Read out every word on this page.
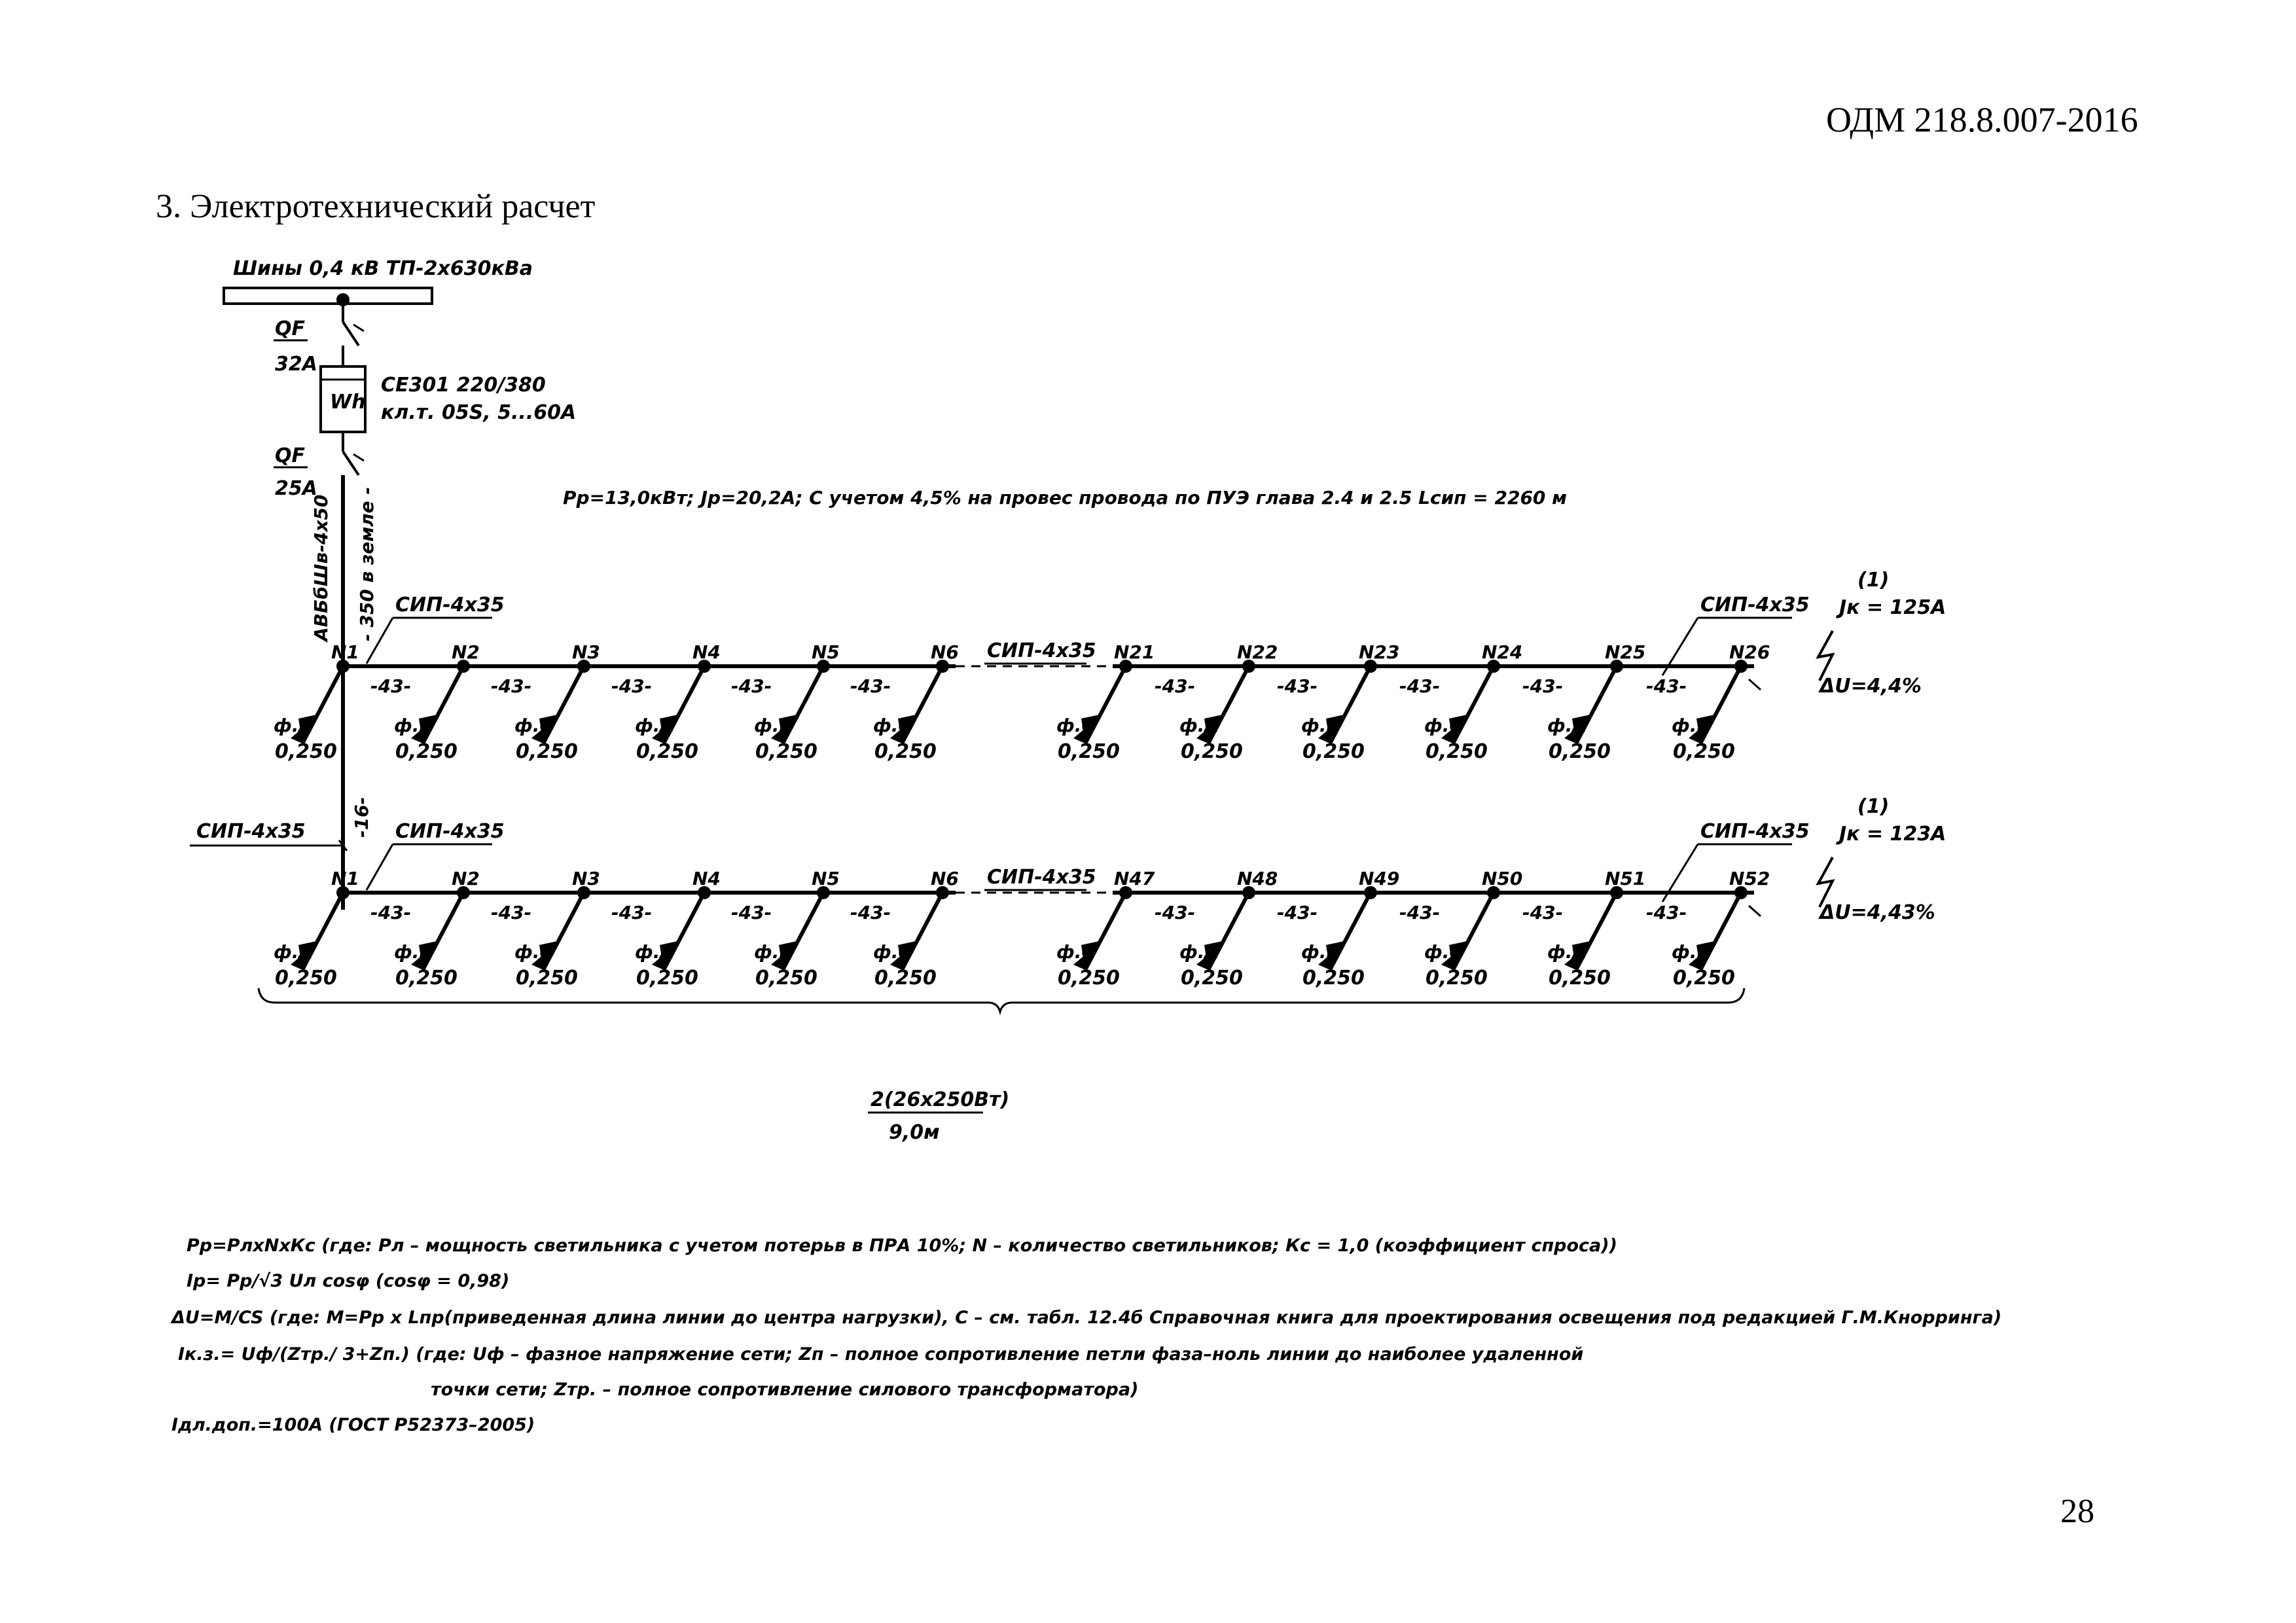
ОДМ 218.8.007-2016
3. Электротехнический расчет
28
Шины 0,4 кВ ТП-2х630кВа
QF
32А
Wh
СЕ301 220/380
кл.т. 05S, 5...60А
QF
25А
АВБбШв-4х50 - 350 в земле -
-16-
СИП-4х35
Рр=13,0кВт; Jр=20,2А; С учетом 4,5% на провес провода по ПУЭ глава 2.4 и 2.5 Lсип = 2260 м
СИП-4х35
СИП-4х35	СИП-4х35
(1)
Jк = 125А
ΔU=4,4%
N1
ф.А
0,250
-43-
N2
ф.В
0,250
-43-
N3
ф.С
0,250
-43-
N4
ф.А
0,250
-43-
N5
ф.В
0,250
-43-
N6
ф.С
0,250
N21
ф.С
0,250
-43-
N22
ф.А
0,250
-43-
N23
ф.В
0,250
-43-
N24
ф.С
0,250
-43-
N25
ф.А
0,250
-43-
N26
ф.В
0,250
СИП-4х35
СИП-4х35	СИП-4х35
(1)
Jк = 123А
ΔU=4,43%
N1
ф.А
0,250
-43-
N2
ф.В
0,250
-43-
N3
ф.С
0,250
-43-
N4
ф.А
0,250
-43-
N5
ф.В
0,250
-43-
N6
ф.С
0,250
N47
ф.С
0,250
-43-
N48
ф.А
0,250
-43-
N49
ф.В
0,250
-43-
N50
ф.С
0,250
-43-
N51
ф.А
0,250
-43-
N52
ф.В
0,250
2(26х250Вт)
9,0м
Рр=РлхNхКс (где: Рл – мощность светильника с учетом потерьв в ПРА 10%; N – количество светильников; Кс = 1,0 (коэффициент спроса))
Iр= Рр/√3 Uл cosφ (cosφ = 0,98)
ΔU=M/CS (где: M=Рр x Lпр(приведенная длина линии до центра нагрузки), С – см. табл. 12.4б Справочная книга для проектирования освещения под редакцией Г.М.Кнорринга)
Iк.з.= Uф/(Zтр./ 3+Zп.) (где: Uф – фазное напряжение сети; Zп – полное сопротивление петли фаза–ноль линии до наиболее удаленной
точки сети; Zтр. – полное сопротивление силового трансформатора)
Iдл.доп.=100А (ГОСТ Р52373–2005)
